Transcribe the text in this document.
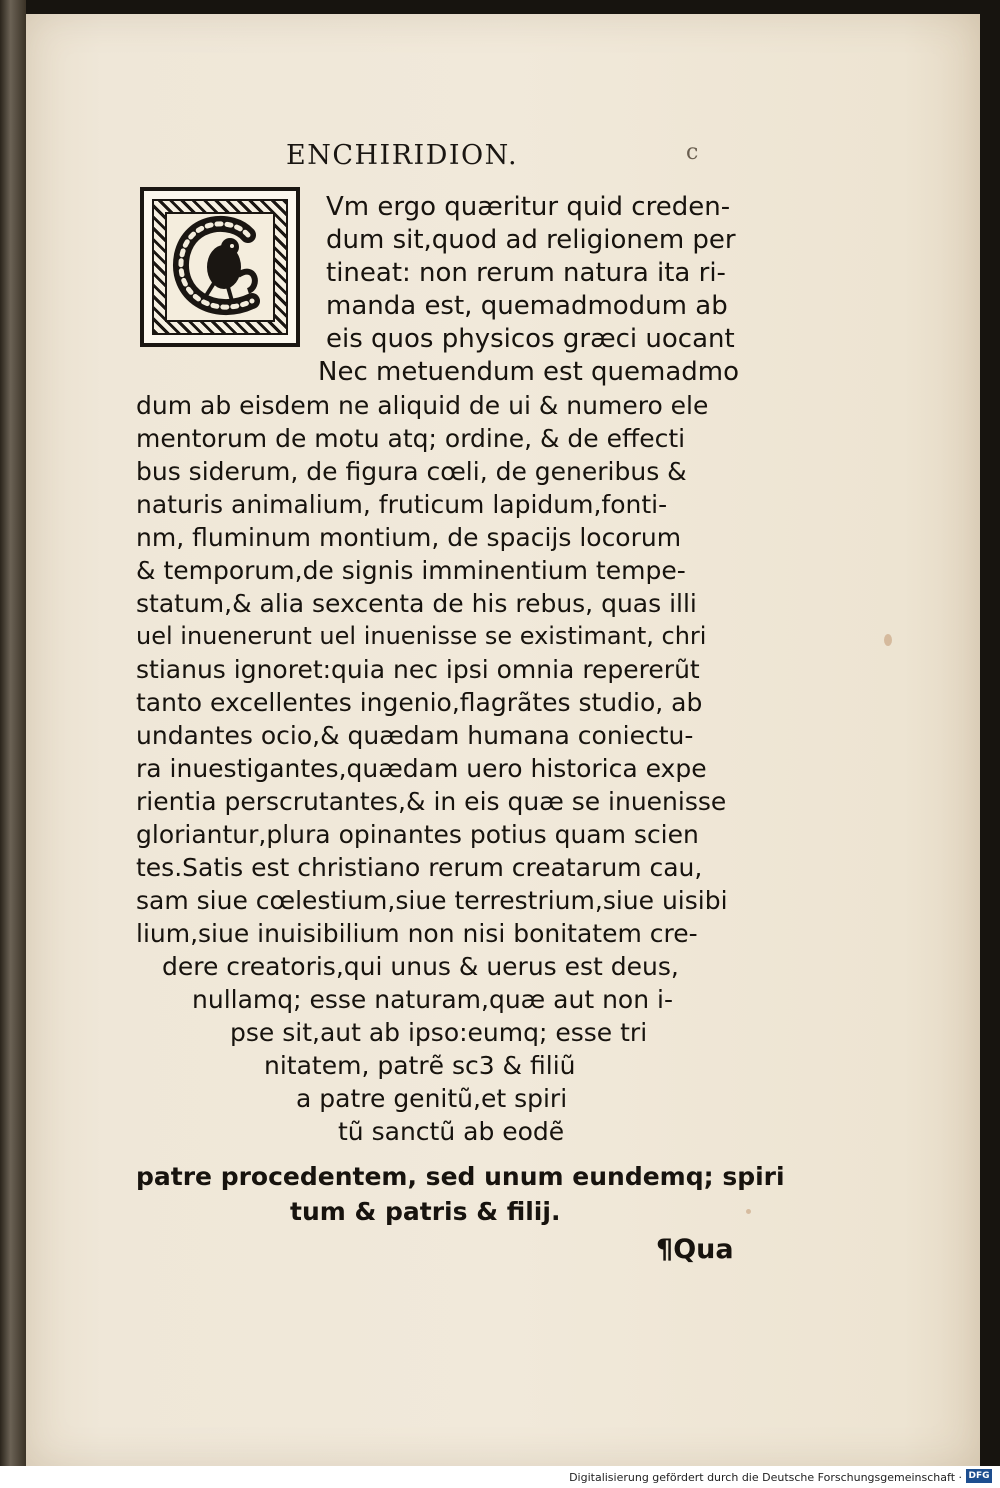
ENCHIRIDION.	c
Vm ergo quæritur quid creden-
dum sit,quod ad religionem per
tineat: non rerum natura ita ri-
manda est, quemadmodum ab
eis quos physicos græci uocant
Nec metuendum est quemadmo
dum ab eisdem ne aliquid de ui & numero ele
mentorum de motu atq; ordine, & de effecti
bus siderum, de figura cœli, de generibus &
naturis animalium, fruticum lapidum,fonti-
nm, fluminum montium, de spacijs locorum
& temporum,de signis imminentium tempe-
statum,& alia sexcenta de his rebus, quas illi
uel inuenerunt uel inuenisse se existimant, chri
stianus ignoret:quia nec ipsi omnia repererũt
tanto excellentes ingenio,flagrãtes studio, ab
undantes ocio,& quædam humana coniectu-
ra inuestigantes,quædam uero historica expe
rientia perscrutantes,& in eis quæ se inuenisse
gloriantur,plura opinantes potius quam scien
tes.Satis est christiano rerum creatarum cau,
sam siue cœlestium,siue terrestrium,siue uisibi
lium,siue inuisibilium non nisi bonitatem cre-
dere creatoris,qui unus & uerus est deus,
nullamq; esse naturam,quæ aut non i-
pse sit,aut ab ipso:eumq; esse tri
nitatem, patrẽ sc3 & filiũ
a patre genitũ,et spiri
tũ sanctũ ab eodẽ
patre procedentem, sed unum eundemq; spiri
tum & patris & filij.
¶Qua
Digitalisierung gefördert durch die Deutsche Forschungsgemeinschaft · DFG
